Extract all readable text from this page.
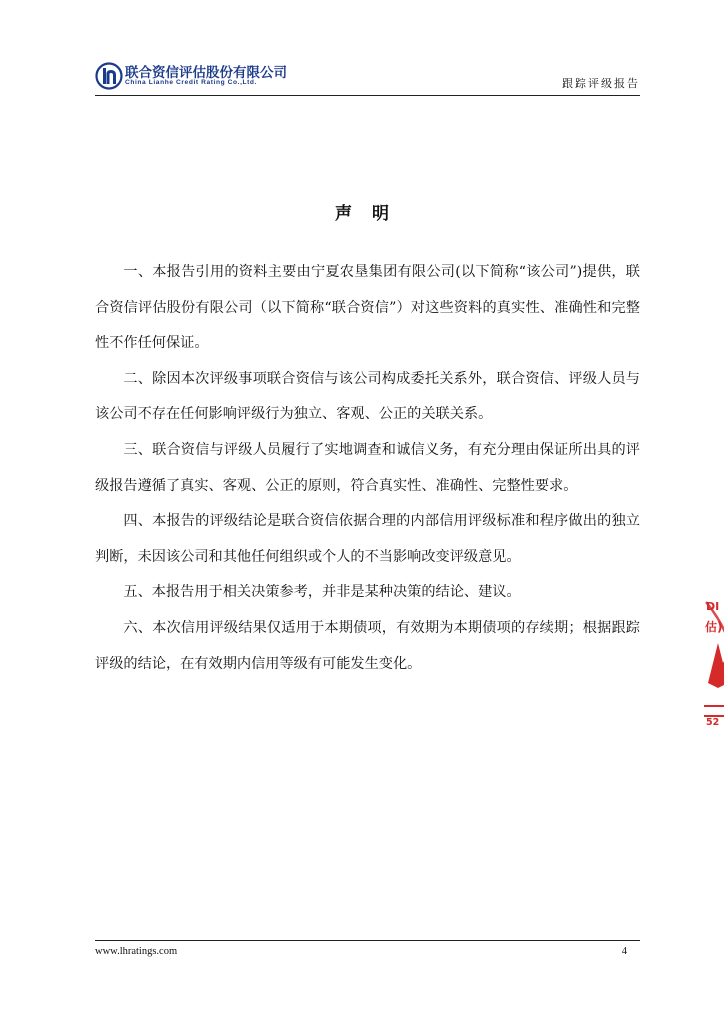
联合资信评估股份有限公司
China Lianhe Credit Rating Co.,Ltd.	跟踪评级报告
声明

一、本报告引用的资料主要由宁夏农垦集团有限公司(以下简称“该公司”)提供，联合资信评估股份有限公司（以下简称“联合资信”）对这些资料的真实性、准确性和完整性不作任何保证。

二、除因本次评级事项联合资信与该公司构成委托关系外，联合资信、评级人员与该公司不存在任何影响评级行为独立、客观、公正的关联关系。

三、联合资信与评级人员履行了实地调查和诚信义务，有充分理由保证所出具的评级报告遵循了真实、客观、公正的原则，符合真实性、准确性、完整性要求。

四、本报告的评级结论是联合资信依据合理的内部信用评级标准和程序做出的独立判断，未因该公司和其他任何组织或个人的不当影响改变评级意见。

五、本报告用于相关决策参考，并非是某种决策的结论、建议。

六、本次信用评级结果仅适用于本期债项，有效期为本期债项的存续期；根据跟踪评级的结论，在有效期内信用等级有可能发生变化。

DI
估)
52
www.lhratings.com	4
